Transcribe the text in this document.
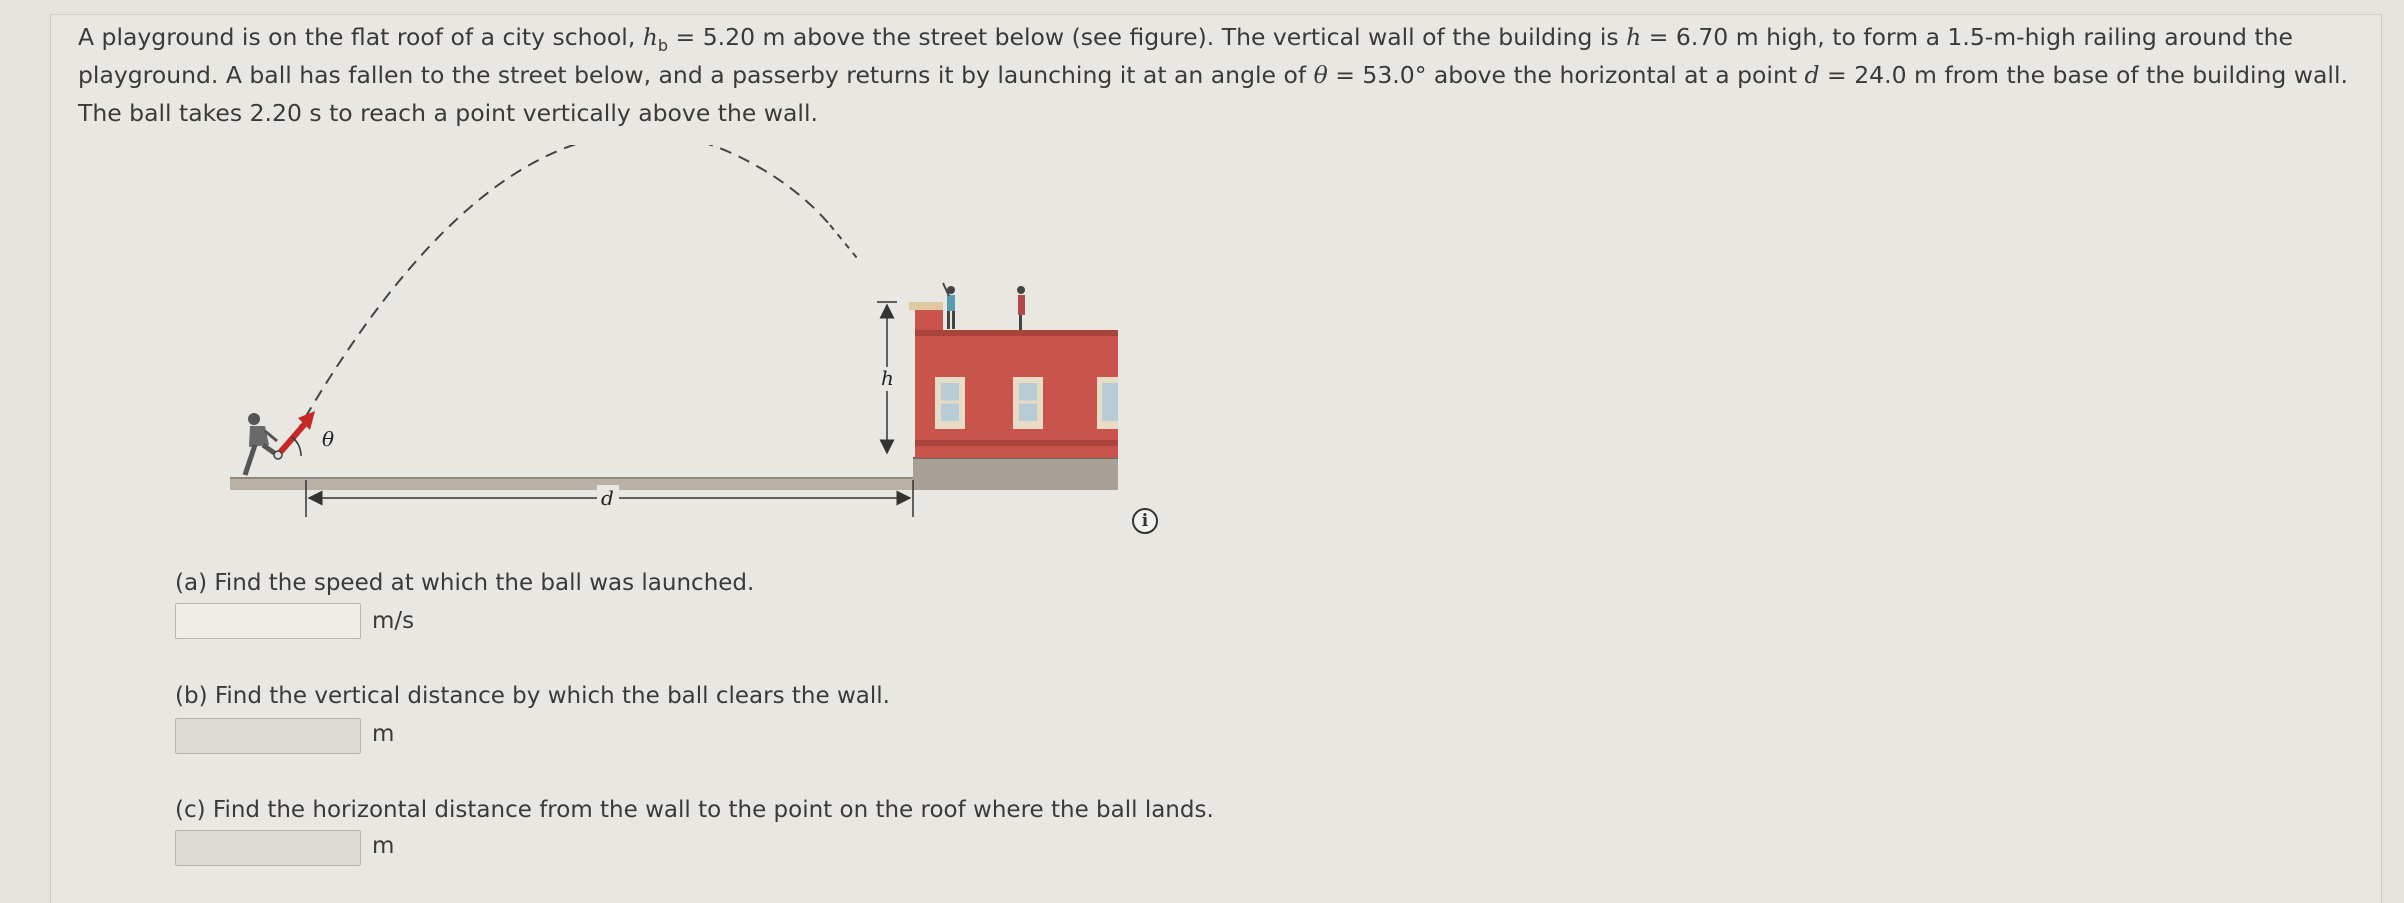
A playground is on the flat roof of a city school, $h_b = 5.20$ m above the street below (see figure). The vertical wall of the building is h = 6.70 m high, to form a 1.5-m-high railing around the playground. A ball has fallen to the street below, and a passerby returns it by launching it at an angle of θ = 53.0° above the horizontal at a point d = 24.0 m from the base of the building wall. The ball takes 2.20 s to reach a point vertically above the wall.
θ
h
d
i
(a) Find the speed at which the ball was launched.
m/s
(b) Find the vertical distance by which the ball clears the wall.
m
(c) Find the horizontal distance from the wall to the point on the roof where the ball lands.
m
